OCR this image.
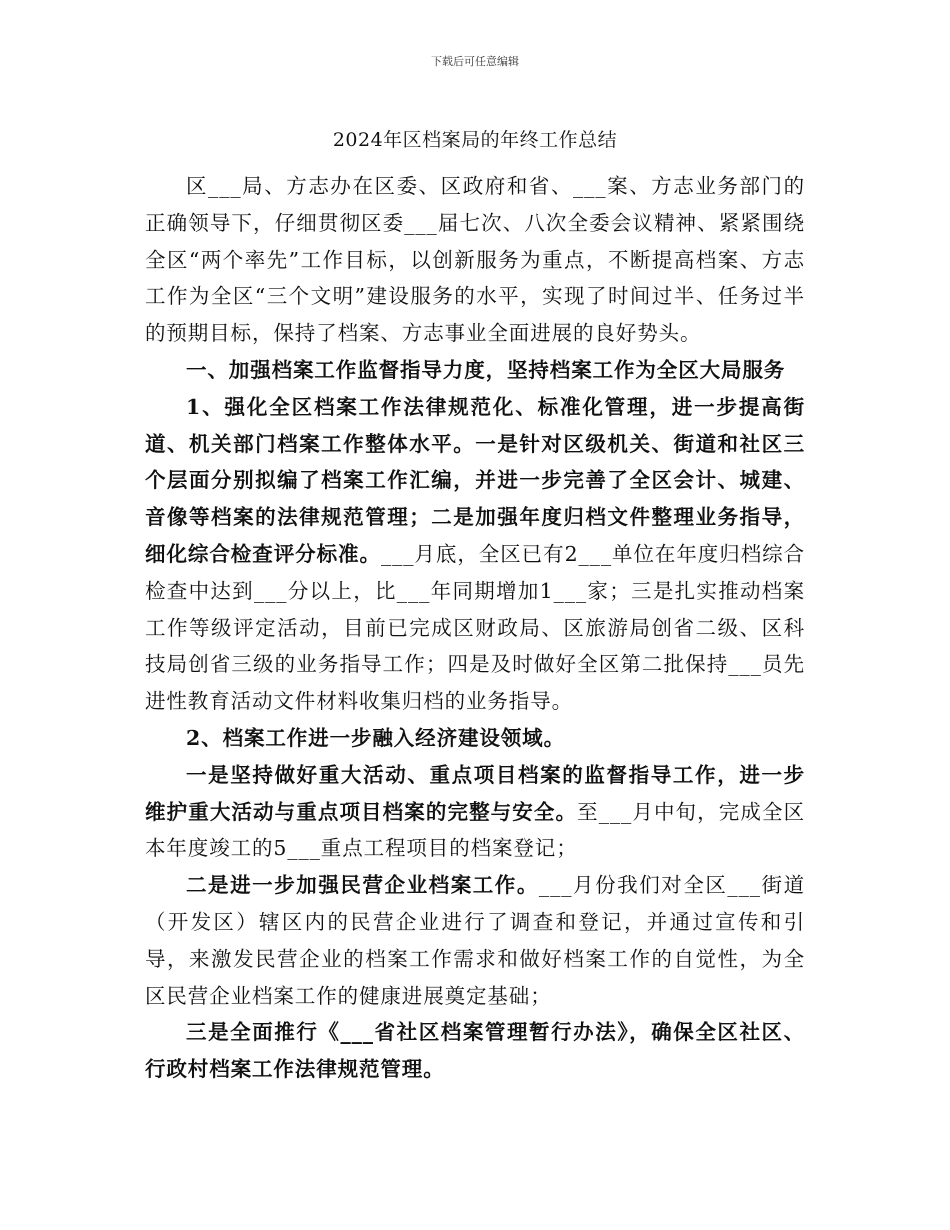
下载后可任意编辑
2024年区档案局的年终工作总结

区___局、方志办在区委、区政府和省、___案、方志业务部门的正确领导下，仔细贯彻区委___届七次、八次全委会议精神、紧紧围绕全区“两个率先”工作目标，以创新服务为重点，不断提高档案、方志工作为全区“三个文明”建设服务的水平，实现了时间过半、任务过半的预期目标，保持了档案、方志事业全面进展的良好势头。

一、加强档案工作监督指导力度，坚持档案工作为全区大局服务

1、强化全区档案工作法律规范化、标准化管理，进一步提高街道、机关部门档案工作整体水平。一是针对区级机关、街道和社区三个层面分别拟编了档案工作汇编，并进一步完善了全区会计、城建、音像等档案的法律规范管理；二是加强年度归档文件整理业务指导，细化综合检查评分标准。___月底，全区已有2___单位在年度归档综合检查中达到___分以上，比___年同期增加1___家；三是扎实推动档案工作等级评定活动，目前已完成区财政局、区旅游局创省二级、区科技局创省三级的业务指导工作；四是及时做好全区第二批保持___员先进性教育活动文件材料收集归档的业务指导。

2、档案工作进一步融入经济建设领域。

一是坚持做好重大活动、重点项目档案的监督指导工作，进一步维护重大活动与重点项目档案的完整与安全。至___月中旬，完成全区本年度竣工的5___重点工程项目的档案登记；

二是进一步加强民营企业档案工作。___月份我们对全区___街道（开发区）辖区内的民营企业进行了调查和登记，并通过宣传和引导，来激发民营企业的档案工作需求和做好档案工作的自觉性，为全区民营企业档案工作的健康进展奠定基础；

三是全面推行《___省社区档案管理暂行办法》，确保全区社区、行政村档案工作法律规范管理。
